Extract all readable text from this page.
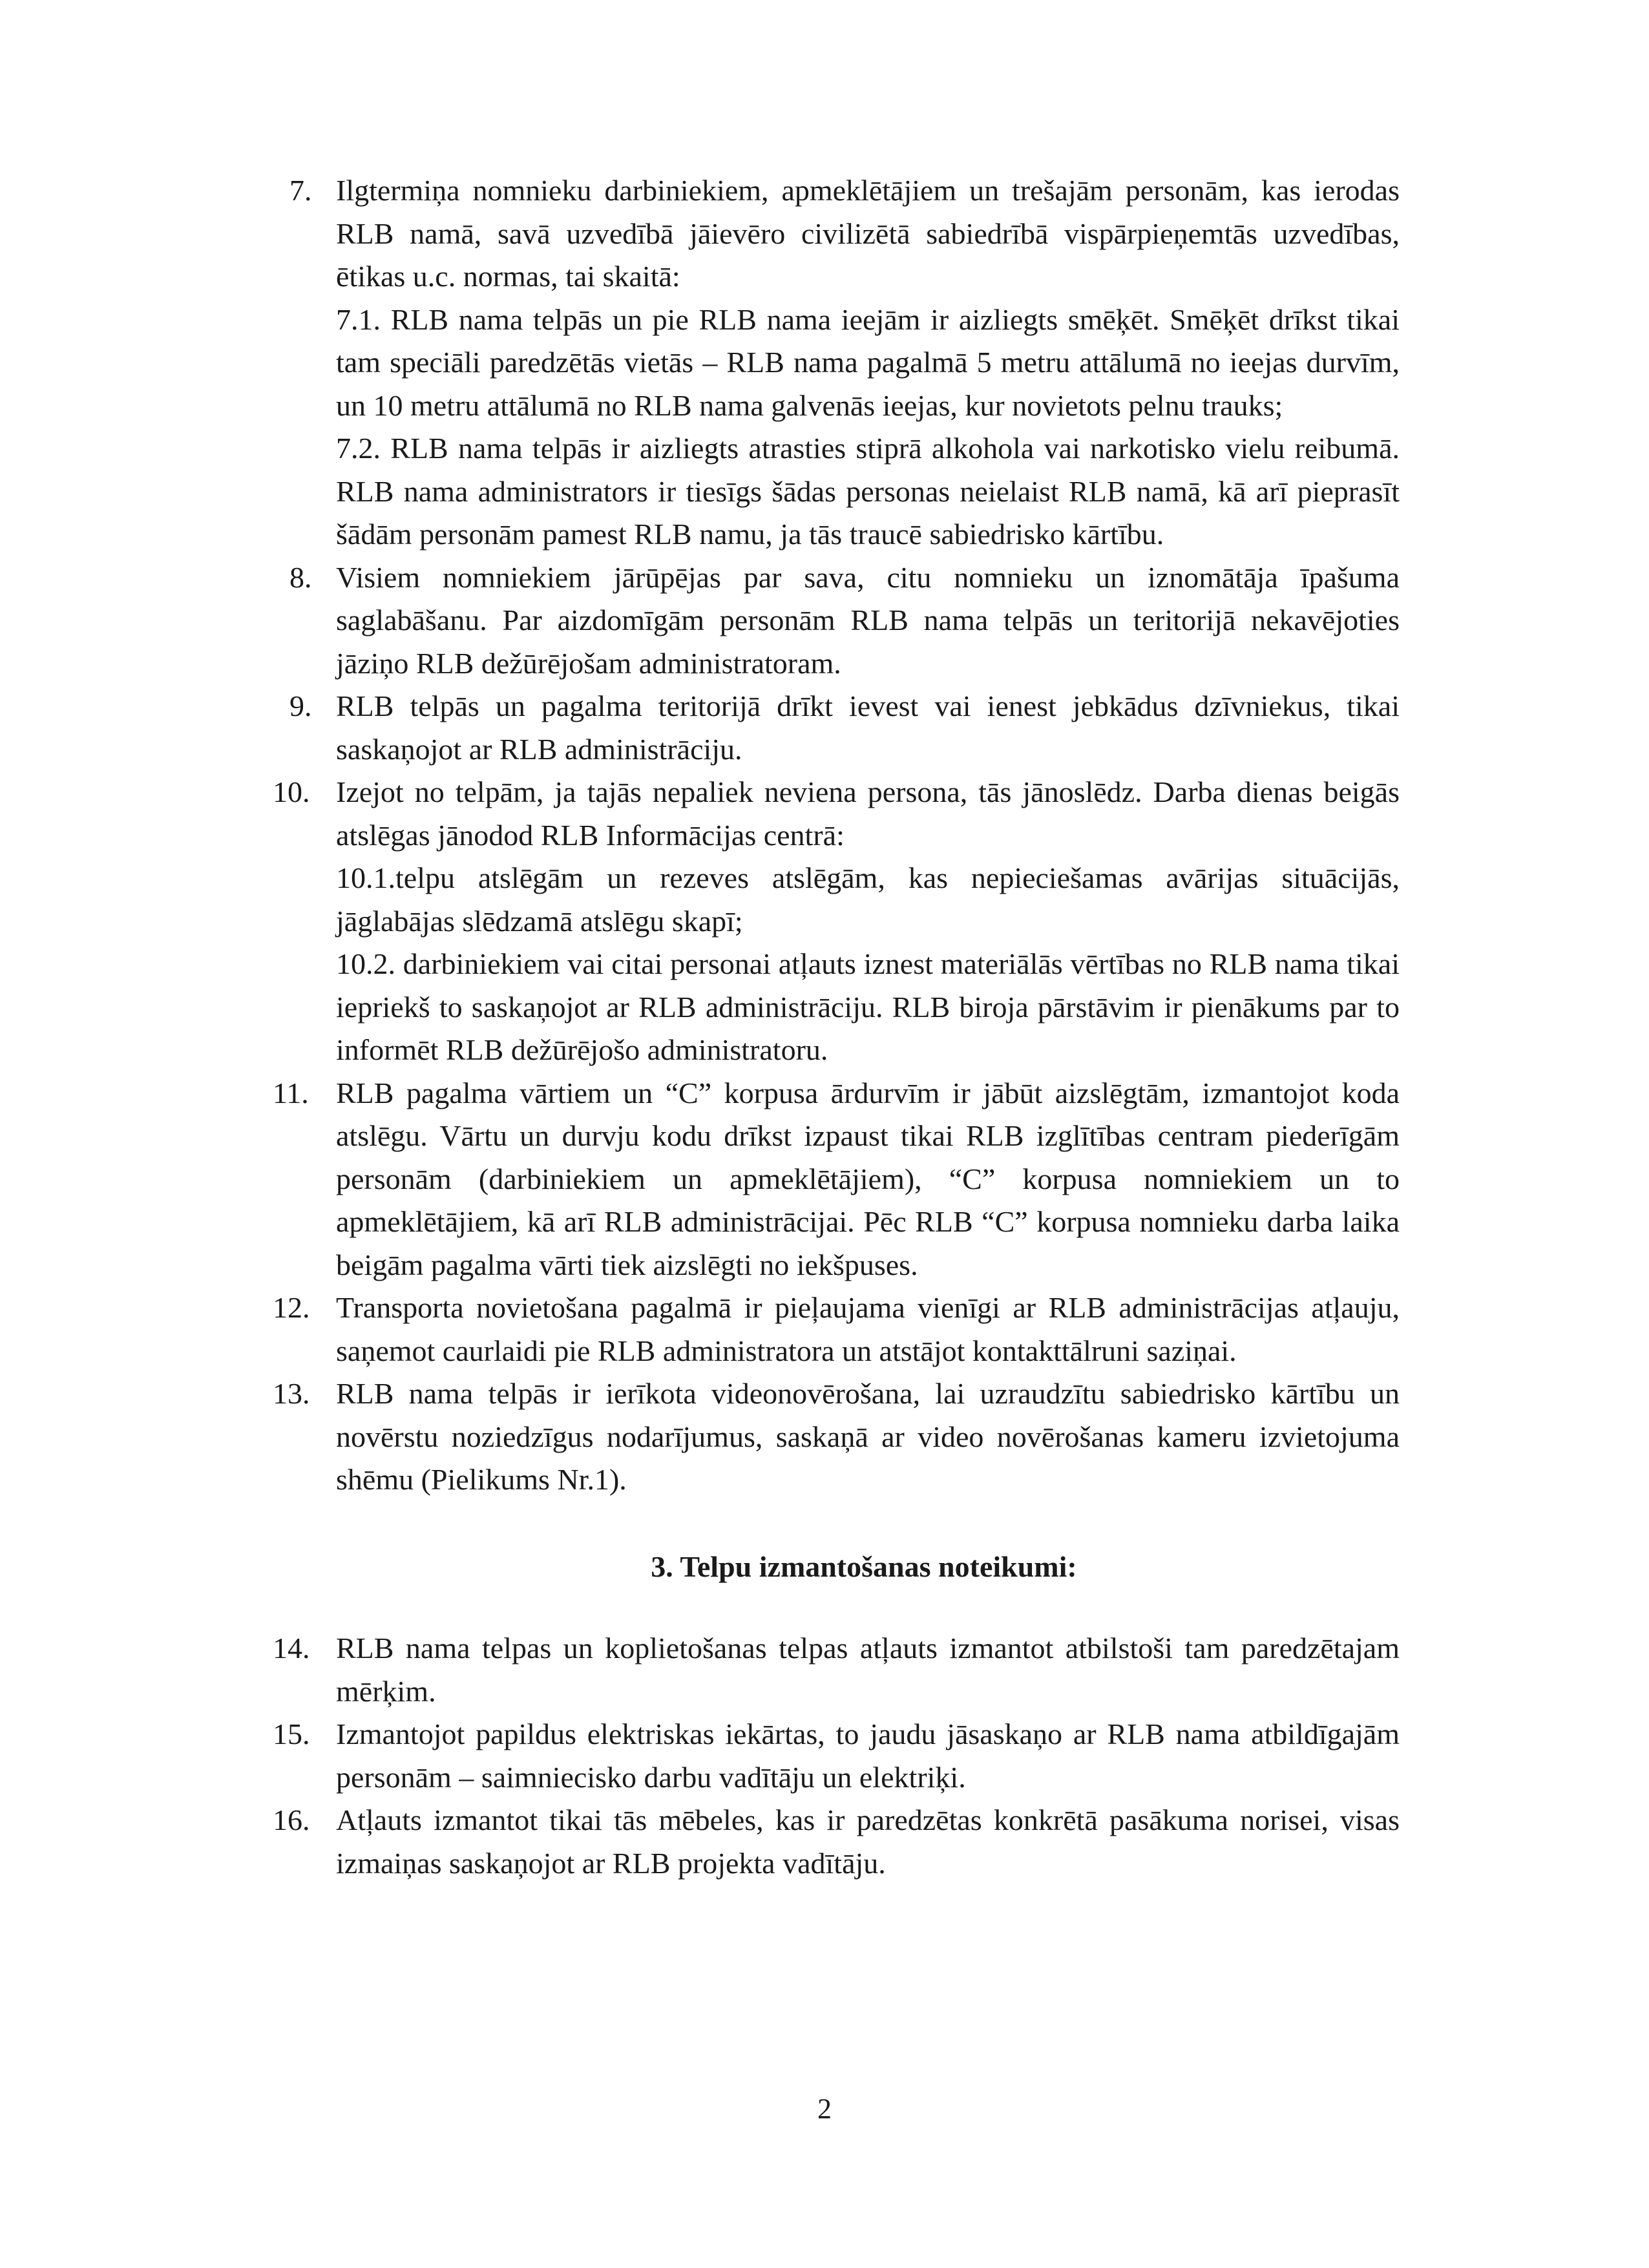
7. Ilgtermiņa nomnieku darbiniekiem, apmeklētājiem un trešajām personām, kas ierodas RLB namā, savā uzvedībā jāievēro civilizētā sabiedrībā vispārpieņemtās uzvedības, ētikas u.c. normas, tai skaitā:
7.1. RLB nama telpās un pie RLB nama ieejām ir aizliegts smēķēt. Smēķēt drīkst tikai tam speciāli paredzētās vietās – RLB nama pagalmā 5 metru attālumā no ieejas durvīm, un 10 metru attālumā no RLB nama galvenās ieejas, kur novietots pelnu trauks;
7.2. RLB nama telpās ir aizliegts atrasties stiprā alkohola vai narkotisko vielu reibumā. RLB nama administrators ir tiesīgs šādas personas neielaist RLB namā, kā arī pieprasīt šādām personām pamest RLB namu, ja tās traucē sabiedrisko kārtību.
8. Visiem nomniekiem jārūpējas par sava, citu nomnieku un iznomātāja īpašuma saglabāšanu. Par aizdomīgām personām RLB nama telpās un teritorijā nekavējoties jāziņo RLB dežūrējošam administratoram.
9. RLB telpās un pagalma teritorijā drīkt ievest vai ienest jebkādus dzīvniekus, tikai saskaņojot ar RLB administrāciju.
10. Izejot no telpām, ja tajās nepaliek neviena persona, tās jānoslēdz. Darba dienas beigās atslēgas jānodod RLB Informācijas centrā:
10.1.telpu atslēgām un rezeves atslēgām, kas nepieciešamas avārijas situācijās, jāglabājas slēdzamā atslēgu skapī;
10.2. darbiniekiem vai citai personai atļauts iznest materiālās vērtības no RLB nama tikai iepriekš to saskaņojot ar RLB administrāciju. RLB biroja pārstāvim ir pienākums par to informēt RLB dežūrējošo administratoru.
11. RLB pagalma vārtiem un “C” korpusa ārdurvīm ir jābūt aizslēgtām, izmantojot koda atslēgu. Vārtu un durvju kodu drīkst izpaust tikai RLB izglītības centram piederīgām personām (darbiniekiem un apmeklētājiem), “C” korpusa nomniekiem un to apmeklētājiem, kā arī RLB administrācijai. Pēc RLB “C” korpusa nomnieku darba laika beigām pagalma vārti tiek aizslēgti no iekšpuses.
12. Transporta novietošana pagalmā ir pieļaujama vienīgi ar RLB administrācijas atļauju, saņemot caurlaidi pie RLB administratora un atstājot kontakttālruni saziņai.
13. RLB nama telpās ir ierīkota videonovērošana, lai uzraudzītu sabiedrisko kārtību un novērstu noziedzīgus nodarījumus, saskaņā ar video novērošanas kameru izvietojuma shēmu (Pielikums Nr.1).
3. Telpu izmantošanas noteikumi:
14. RLB nama telpas un koplietošanas telpas atļauts izmantot atbilstoši tam paredzētajam mērķim.
15. Izmantojot papildus elektriskas iekārtas, to jaudu jāsaskaņo ar RLB nama atbildīgajām personām – saimniecisko darbu vadītāju un elektriķi.
16. Atļauts izmantot tikai tās mēbeles, kas ir paredzētas konkrētā pasākuma norisei, visas izmaiņas saskaņojot ar RLB projekta vadītāju.
2
